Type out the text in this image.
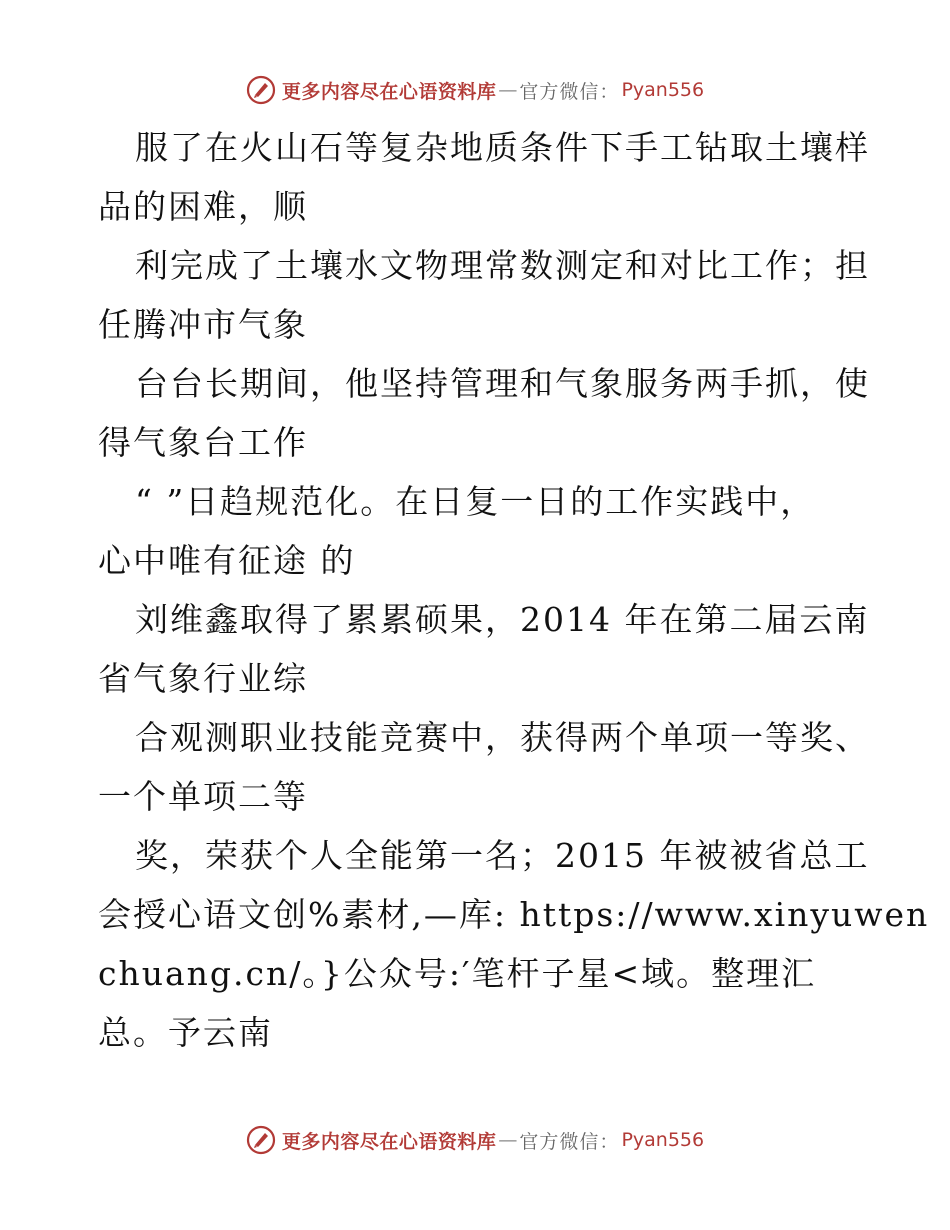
更多内容尽在心语资料库 — 官方微信： Pyan556
服了在火山石等复杂地质条件下手工钻取土壤样
品的困难，顺
利完成了土壤水文物理常数测定和对比工作；担
任腾冲市气象
台台长期间，他坚持管理和气象服务两手抓，使
得气象台工作
“ ”日趋规范化。在日复一日的工作实践中，
心中唯有征途 的
刘维鑫取得了累累硕果，2014 年在第二届云南
省气象行业综
合观测职业技能竞赛中，获得两个单项一等奖、
一个单项二等
奖，荣获个人全能第一名；2015 年被被省总工
会授心语文创%素材,—库: https://www.xinyuwen
chuang.cn/。}公众号:′笔杆子星<域。整理汇
总。予云南
更多内容尽在心语资料库 — 官方微信： Pyan556
